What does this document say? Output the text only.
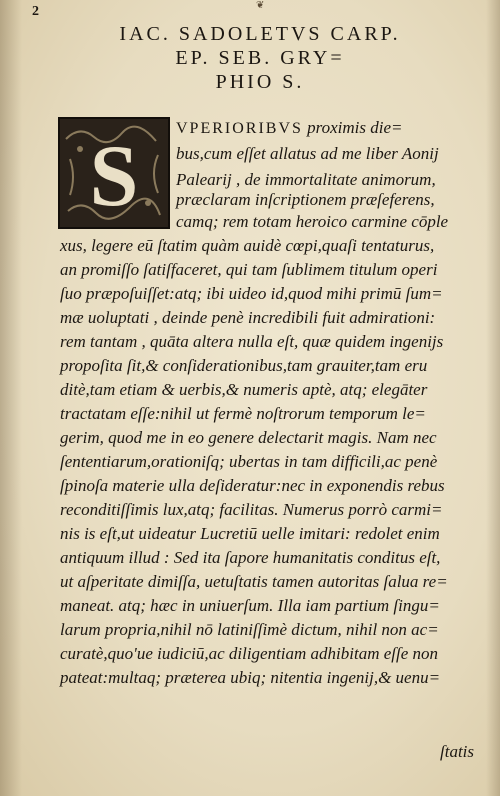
2	❦
IAC. SADOLETVS CARP.
EP. SEB. GRY=
PHIO S.
S VPERIORIBVS proximis die=
bus,cum eſſet allatus ad me liber Aonij
Palearij , de immortalitate animorum,
præclaram inſcriptionem præſeferens,
camq; rem totam heroico carmine cōple
xus, legere eū ſtatim quàm auidè cœpi,quaſi tentaturus,
an promiſſo ſatiſfaceret, qui tam ſublimem titulum operi
ſuo præpoſuiſſet:atq; ibi uideo id,quod mihi primū ſum=
mæ uoluptati , deinde penè incredibili fuit admirationi:
rem tantam , quāta altera nulla eſt, quæ quidem ingenijs
propoſita ſit,& conſiderationibus,tam grauiter,tam eru
ditè,tam etiam & uerbis,& numeris aptè, atq; elegāter
tractatam eſſe:nihil ut fermè noſtrorum temporum le=
gerim, quod me in eo genere delectarit magis. Nam nec
ſententiarum,orationiſq; ubertas in tam difficili,ac penè
ſpinoſa materie ulla deſideratur:nec in exponendis rebus
reconditiſſimis lux,atq; facilitas. Numerus porrò carmi=
nis is eſt,ut uideatur Lucretiū uelle imitari: redolet enim
antiquum illud : Sed ita ſapore humanitatis conditus eſt,
ut aſperitate dimiſſa, uetuſtatis tamen autoritas ſalua re=
maneat. atq; hæc in uniuerſum. Illa iam partium ſingu=
larum propria,nihil nō latiniſſimè dictum, nihil non ac=
curatè,quo'ue iudiciū,ac diligentiam adhibitam eſſe non
pateat:multaq; præterea ubiq; nitentia ingenij,& uenu=
ſtatis
